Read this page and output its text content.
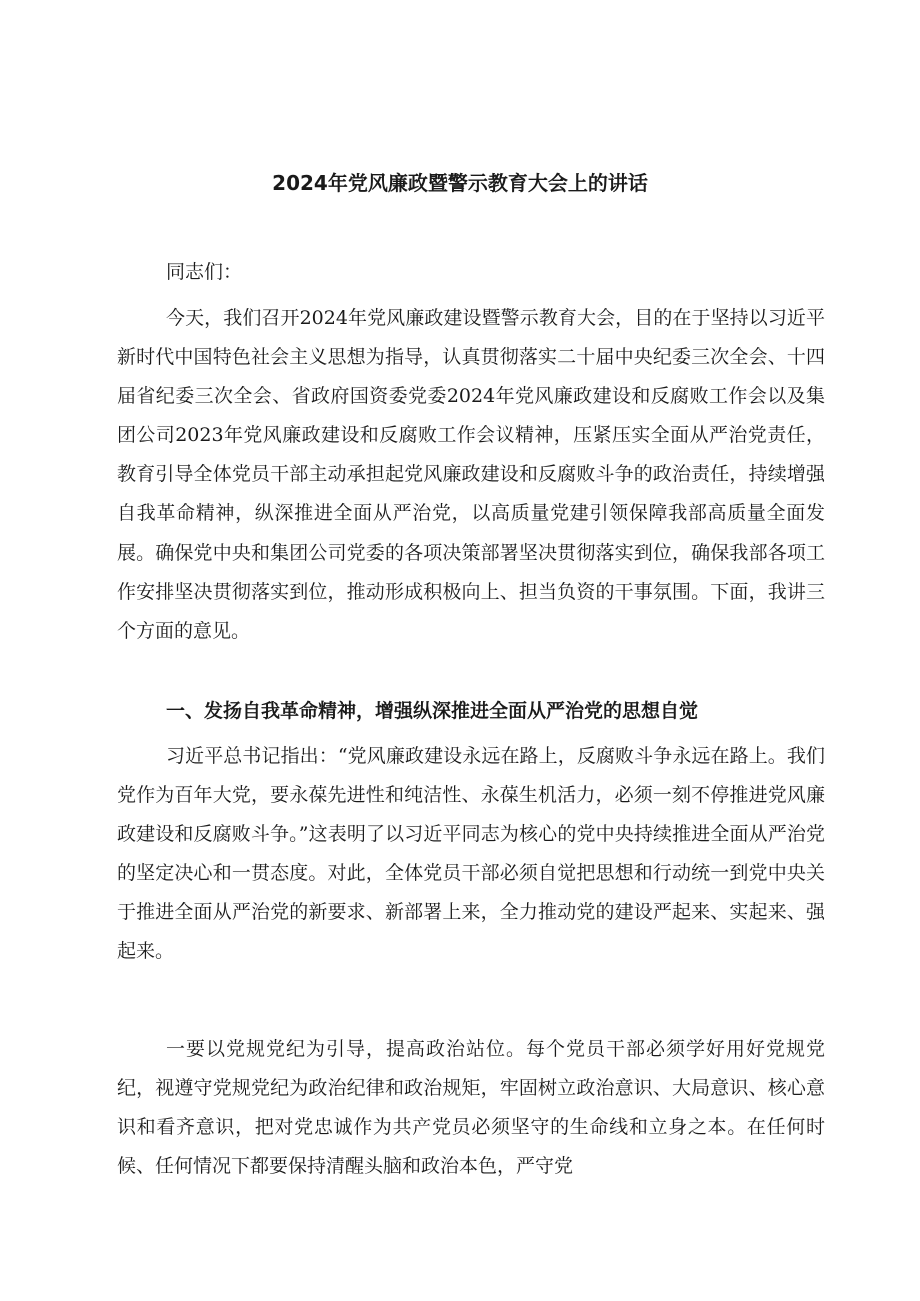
2024年党风廉政暨警示教育大会上的讲话

同志们：

今天，我们召开2024年党风廉政建设暨警示教育大会，目的在于坚持以习近平新时代中国特色社会主义思想为指导，认真贯彻落实二十届中央纪委三次全会、十四届省纪委三次全会、省政府国资委党委2024年党风廉政建设和反腐败工作会以及集团公司2023年党风廉政建设和反腐败工作会议精神，压紧压实全面从严治党责任，教育引导全体党员干部主动承担起党风廉政建设和反腐败斗争的政治责任，持续增强自我革命精神，纵深推进全面从严治党，以高质量党建引领保障我部高质量全面发展。确保党中央和集团公司党委的各项决策部署坚决贯彻落实到位，确保我部各项工作安排坚决贯彻落实到位，推动形成积极向上、担当负资的干事氛围。下面，我讲三个方面的意见。

一、发扬自我革命精神，增强纵深推进全面从严治党的思想自觉

习近平总书记指出：“党风廉政建设永远在路上，反腐败斗争永远在路上。我们党作为百年大党，要永葆先进性和纯洁性、永葆生机活力，必须一刻不停推进党风廉政建设和反腐败斗争。”这表明了以习近平同志为核心的党中央持续推进全面从严治党的坚定决心和一贯态度。对此，全体党员干部必须自觉把思想和行动统一到党中央关于推进全面从严治党的新要求、新部署上来，全力推动党的建设严起来、实起来、强起来。

一要以党规党纪为引导，提高政治站位。每个党员干部必须学好用好党规党纪，视遵守党规党纪为政治纪律和政治规矩，牢固树立政治意识、大局意识、核心意识和看齐意识，把对党忠诚作为共产党员必须坚守的生命线和立身之本。在任何时候、任何情况下都要保持清醒头脑和政治本色，严守党
